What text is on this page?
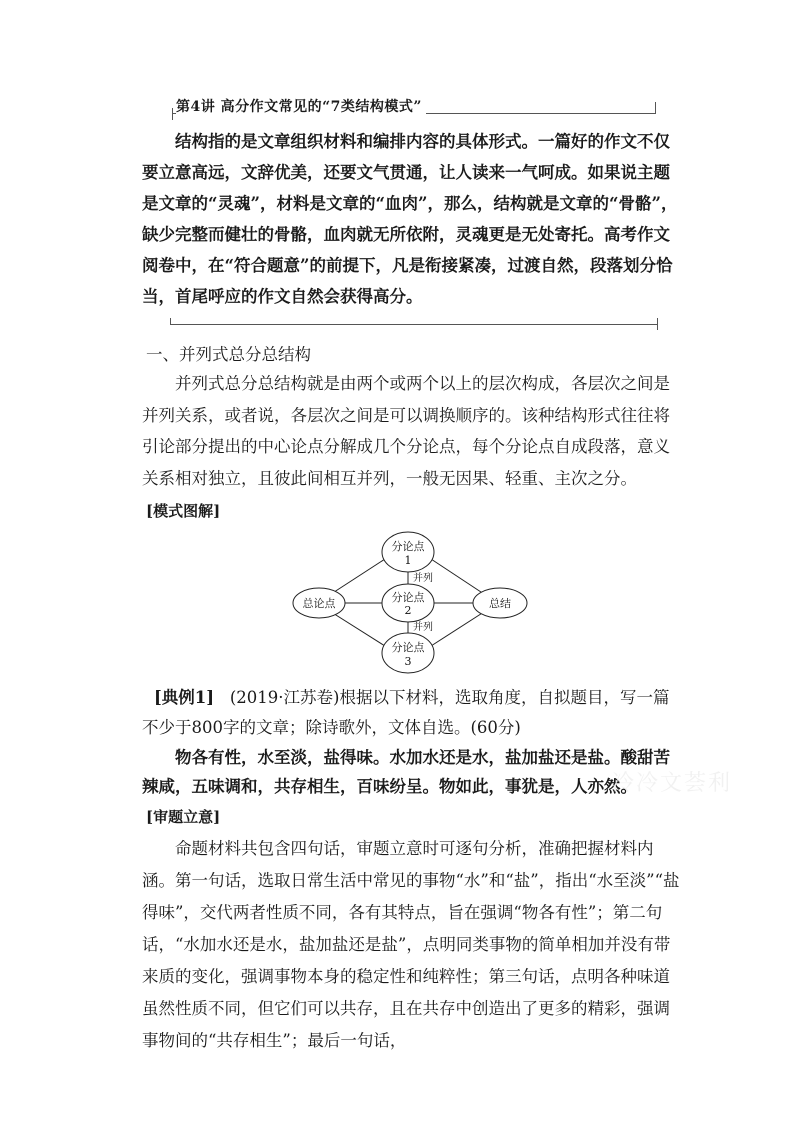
第4讲 高分作文常见的“7类结构模式”

结构指的是文章组织材料和编排内容的具体形式。一篇好的作文不仅要立意高远，文辞优美，还要文气贯通，让人读来一气呵成。如果说主题是文章的“灵魂”，材料是文章的“血肉”，那么，结构就是文章的“骨骼”，缺少完整而健壮的骨骼，血肉就无所依附，灵魂更是无处寄托。高考作文阅卷中，在“符合题意”的前提下，凡是衔接紧凑，过渡自然，段落划分恰当，首尾呼应的作文自然会获得高分。

一、并列式总分总结构

并列式总分总结构就是由两个或两个以上的层次构成，各层次之间是并列关系，或者说，各层次之间是可以调换顺序的。该种结构形式往往将引论部分提出的中心论点分解成几个分论点，每个分论点自成段落，意义关系相对独立，且彼此间相互并列，一般无因果、轻重、主次之分。

[模式图解]
总论点	总结
分论点
1
分论点
2
分论点
3
并列
并列

[典例1] (2019·江苏卷)根据以下材料，选取角度，自拟题目，写一篇不少于800字的文章；除诗歌外，文体自选。(60分)

物各有性，水至淡，盐得味。水加水还是水，盐加盐还是盐。酸甜苦辣咸，五味调和，共存相生，百味纷呈。物如此，事犹是，人亦然。

冷冷文荟利
[审题立意]

命题材料共包含四句话，审题立意时可逐句分析，准确把握材料内涵。第一句话，选取日常生活中常见的事物“水”和“盐”，指出“水至淡”“盐得味”，交代两者性质不同，各有其特点，旨在强调“物各有性”；第二句话，“水加水还是水，盐加盐还是盐”，点明同类事物的简单相加并没有带来质的变化，强调事物本身的稳定性和纯粹性；第三句话，点明各种味道虽然性质不同，但它们可以共存，且在共存中创造出了更多的精彩，强调事物间的“共存相生”；最后一句话，
